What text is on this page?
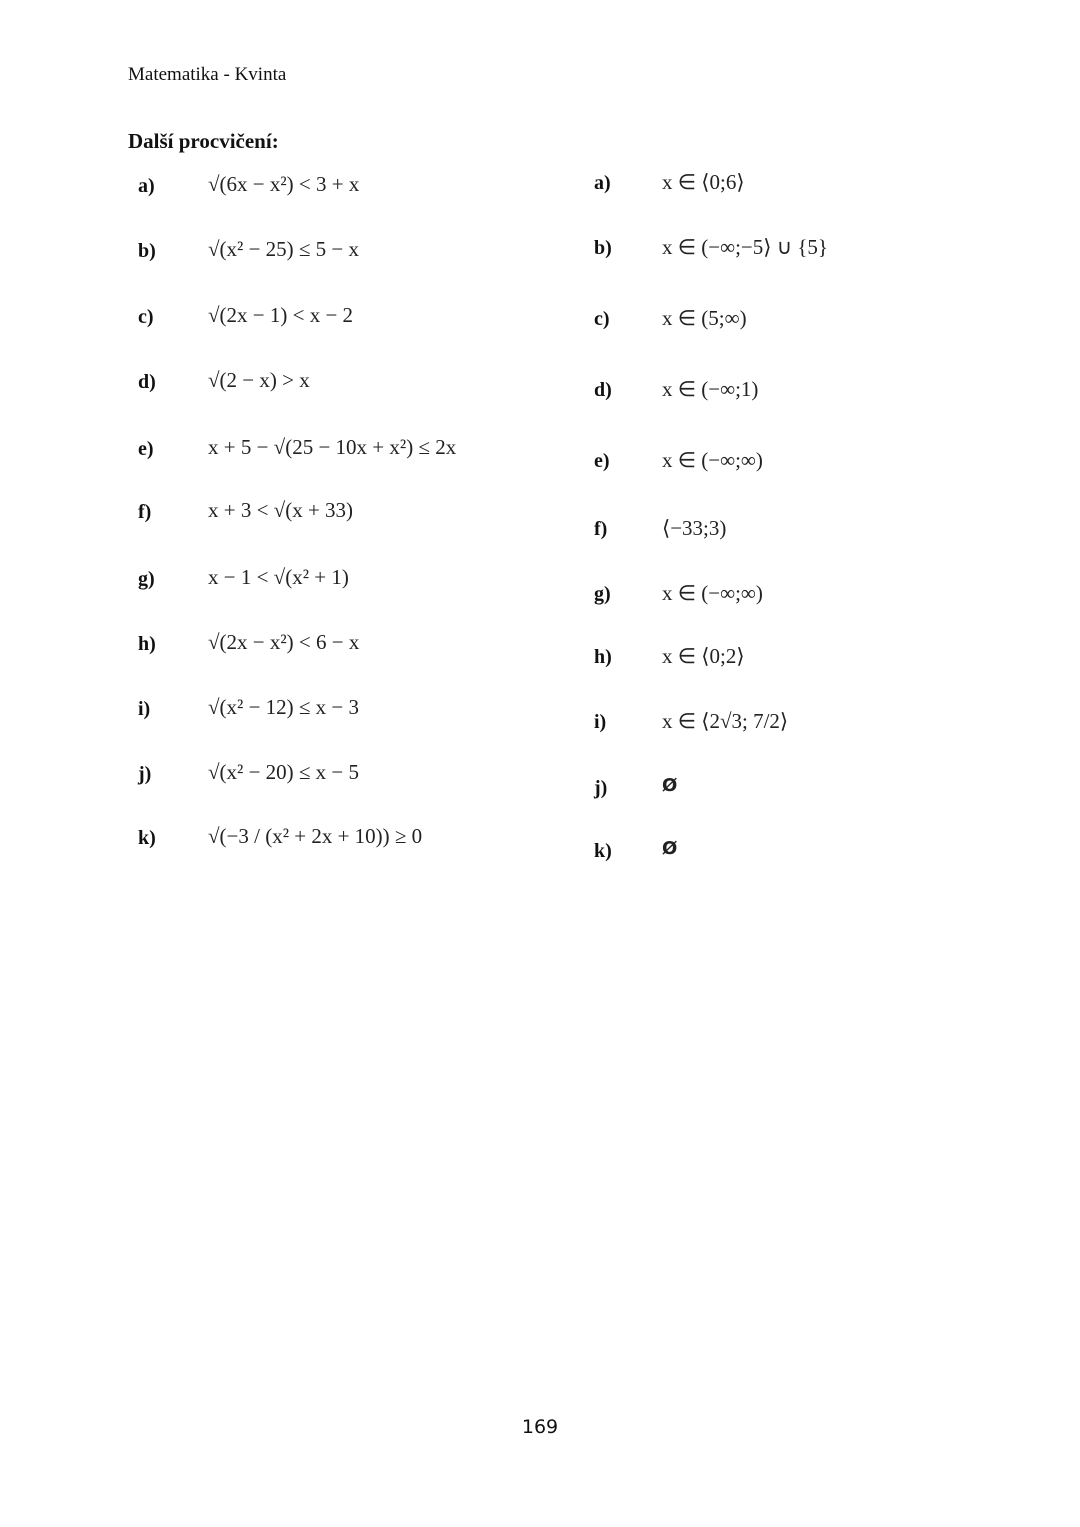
Matematika - Kvinta
Další procvičení:
a)	√(6x − x²) < 3 + x
b) √(x² − 25) ≤ 5 − x
c)	√(2x − 1) < x − 2
d) √(2 − x) > x
e)	x + 5 − √(25 − 10x + x²) ≤ 2x
f)	x + 3 < √(x + 33)
g)	x − 1 < √(x² + 1)
h) √(2x − x²) < 6 − x
i)	√(x² − 12) ≤ x − 3
j)	√(x² − 20) ≤ x − 5
k) √(−3 / (x² + 2x + 10)) ≥ 0
a) x ∈ ⟨0;6⟩
b) x ∈ (−∞;−5⟩ ∪ {5}
c) x ∈ (5;∞)
d) x ∈ (−∞;1)
e) x ∈ (−∞;∞)
f)	⟨−33;3)
g) x ∈ (−∞;∞)
h) x ∈ ⟨0;2⟩
i)	x ∈ ⟨2√3; 7/2⟩
j)	Ø
k)	Ø
169
